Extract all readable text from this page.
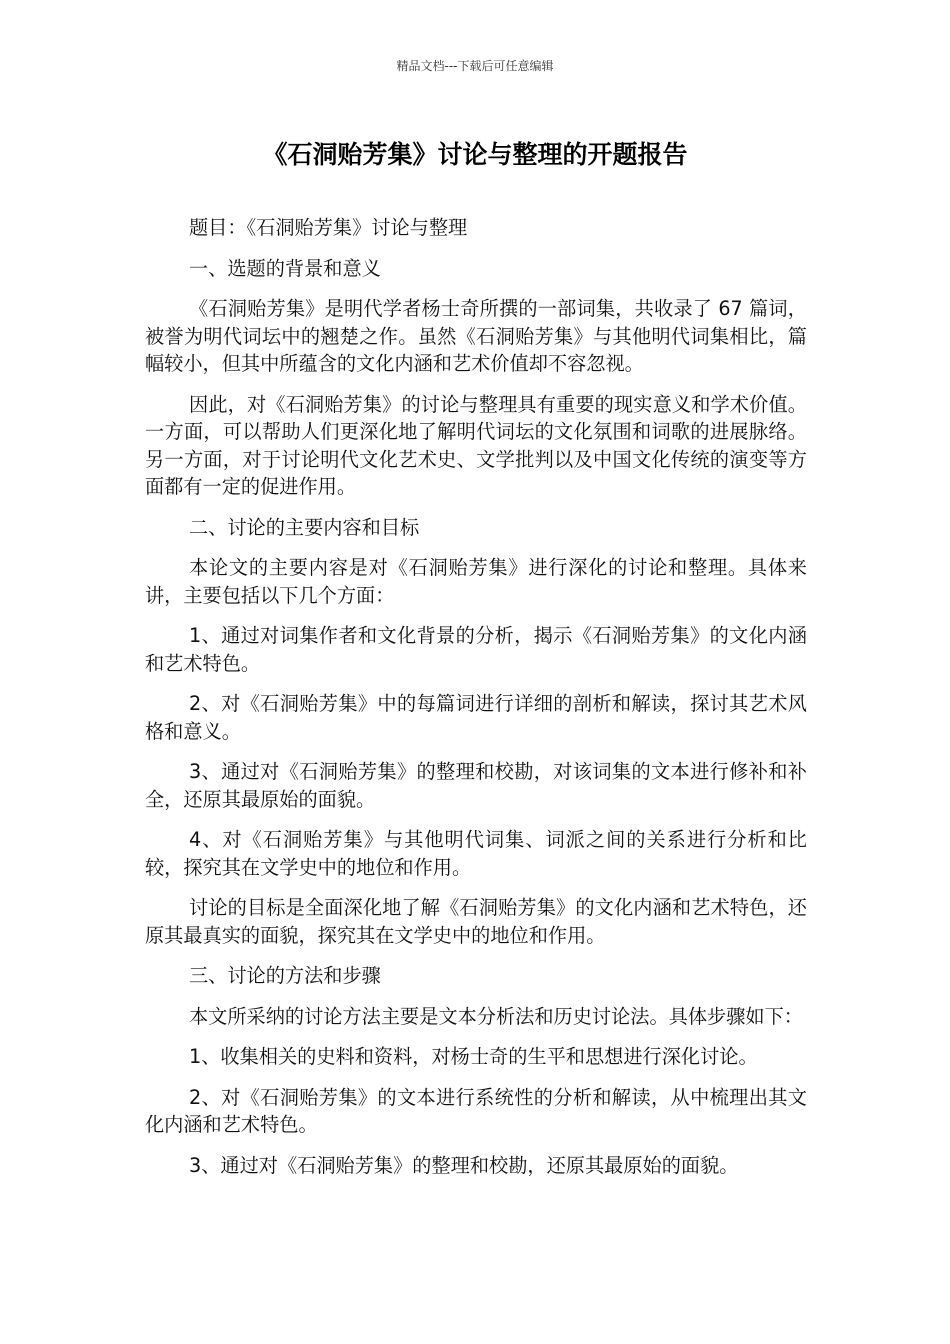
精品文档---下载后可任意编辑
《石洞贻芳集》讨论与整理的开题报告

题目：《石洞贻芳集》讨论与整理

一、选题的背景和意义

《石洞贻芳集》是明代学者杨士奇所撰的一部词集，共收录了 67 篇词，被誉为明代词坛中的翘楚之作。虽然《石洞贻芳集》与其他明代词集相比，篇幅较小，但其中所蕴含的文化内涵和艺术价值却不容忽视。

因此，对《石洞贻芳集》的讨论与整理具有重要的现实意义和学术价值。一方面，可以帮助人们更深化地了解明代词坛的文化氛围和词歌的进展脉络。另一方面，对于讨论明代文化艺术史、文学批判以及中国文化传统的演变等方面都有一定的促进作用。

二、讨论的主要内容和目标

本论文的主要内容是对《石洞贻芳集》进行深化的讨论和整理。具体来讲，主要包括以下几个方面：

1、通过对词集作者和文化背景的分析，揭示《石洞贻芳集》的文化内涵和艺术特色。

2、对《石洞贻芳集》中的每篇词进行详细的剖析和解读，探讨其艺术风格和意义。

3、通过对《石洞贻芳集》的整理和校勘，对该词集的文本进行修补和补全，还原其最原始的面貌。

4、对《石洞贻芳集》与其他明代词集、词派之间的关系进行分析和比较，探究其在文学史中的地位和作用。

讨论的目标是全面深化地了解《石洞贻芳集》的文化内涵和艺术特色，还原其最真实的面貌，探究其在文学史中的地位和作用。

三、讨论的方法和步骤

本文所采纳的讨论方法主要是文本分析法和历史讨论法。具体步骤如下：

1、收集相关的史料和资料，对杨士奇的生平和思想进行深化讨论。

2、对《石洞贻芳集》的文本进行系统性的分析和解读，从中梳理出其文化内涵和艺术特色。

3、通过对《石洞贻芳集》的整理和校勘，还原其最原始的面貌。
